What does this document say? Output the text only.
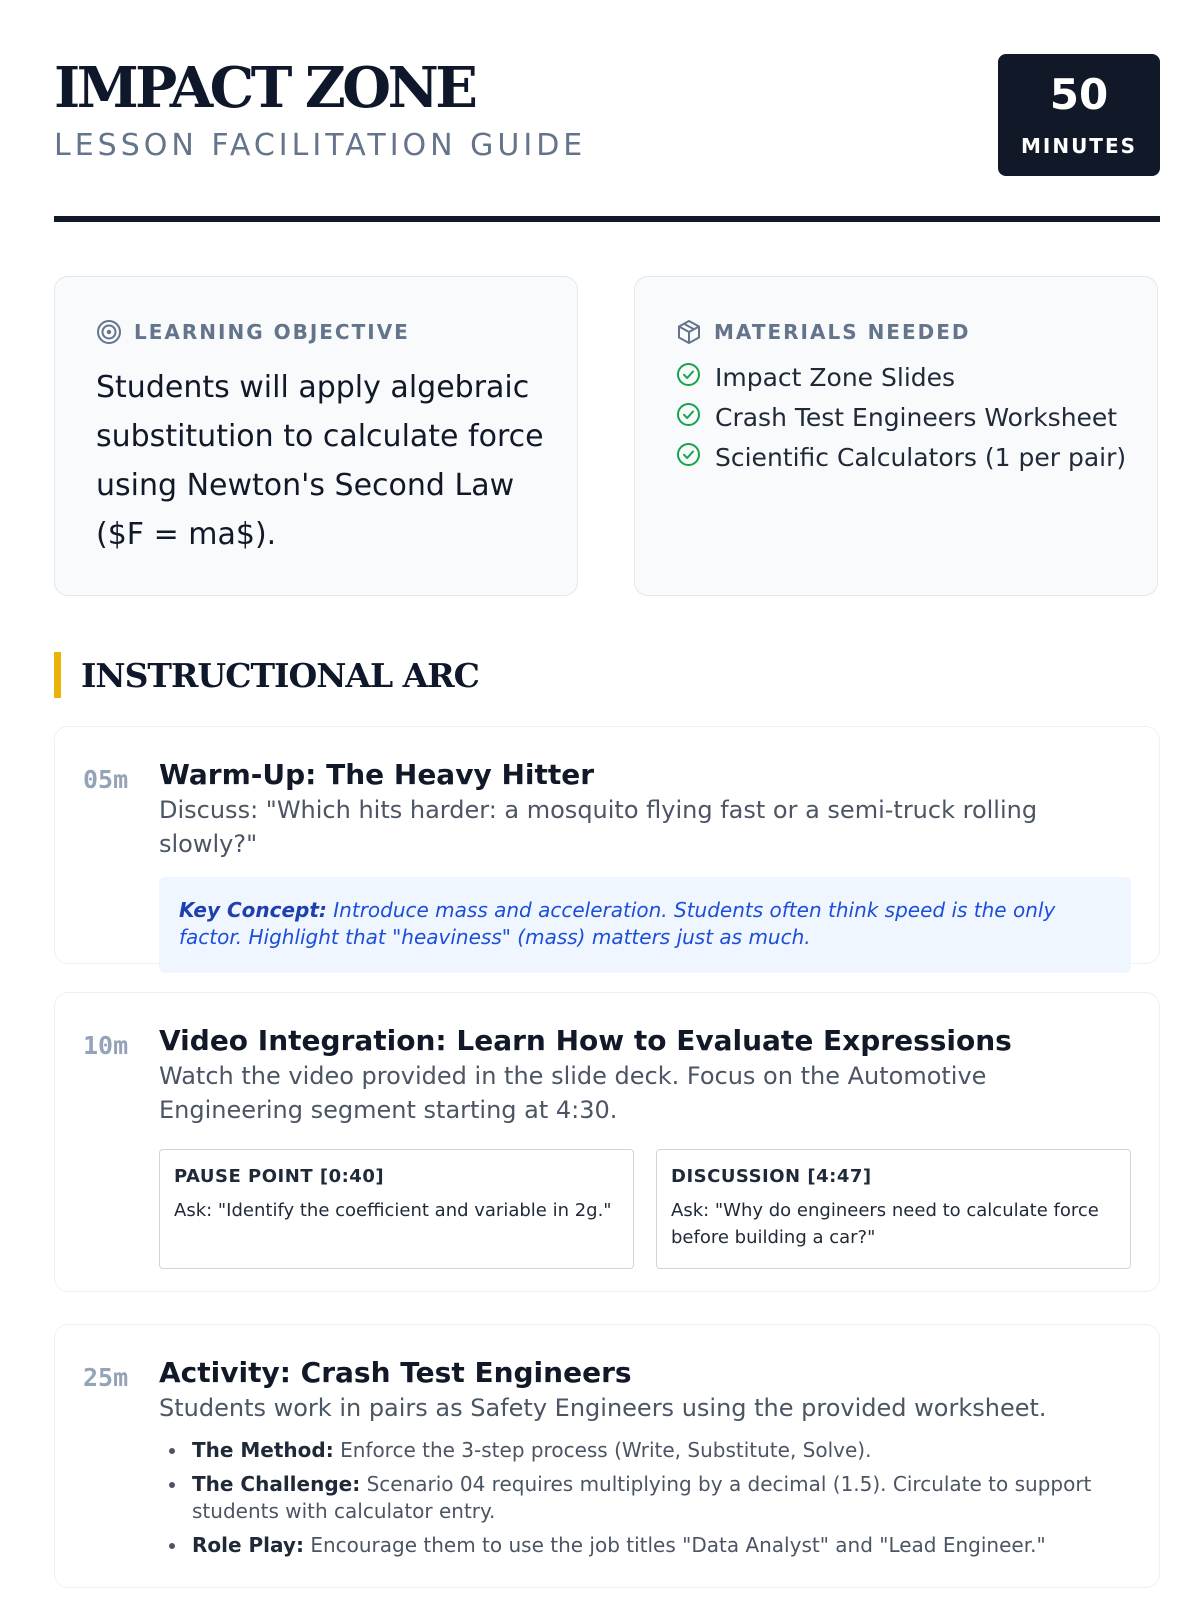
IMPACT ZONE
LESSON FACILITATION GUIDE
50
MINUTES
LEARNING OBJECTIVE
Students will apply algebraic substitution to calculate force using Newton's Second Law ($F = ma$).
MATERIALS NEEDED
Impact Zone Slides
Crash Test Engineers Worksheet
Scientific Calculators (1 per pair)
INSTRUCTIONAL ARC
05m Warm-Up: The Heavy Hitter
Discuss: "Which hits harder: a mosquito flying fast or a semi-truck rolling slowly?"
Key Concept: Introduce mass and acceleration. Students often think speed is the only factor. Highlight that "heaviness" (mass) matters just as much.
10m Video Integration: Learn How to Evaluate Expressions
Watch the video provided in the slide deck. Focus on the Automotive Engineering segment starting at 4:30.
PAUSE POINT [0:40]
Ask: "Identify the coefficient and variable in 2g."
DISCUSSION [4:47]
Ask: "Why do engineers need to calculate force before building a car?"
25m Activity: Crash Test Engineers
Students work in pairs as Safety Engineers using the provided worksheet.
The Method: Enforce the 3-step process (Write, Substitute, Solve).
The Challenge: Scenario 04 requires multiplying by a decimal (1.5). Circulate to support students with calculator entry.
Role Play: Encourage them to use the job titles "Data Analyst" and "Lead Engineer."
